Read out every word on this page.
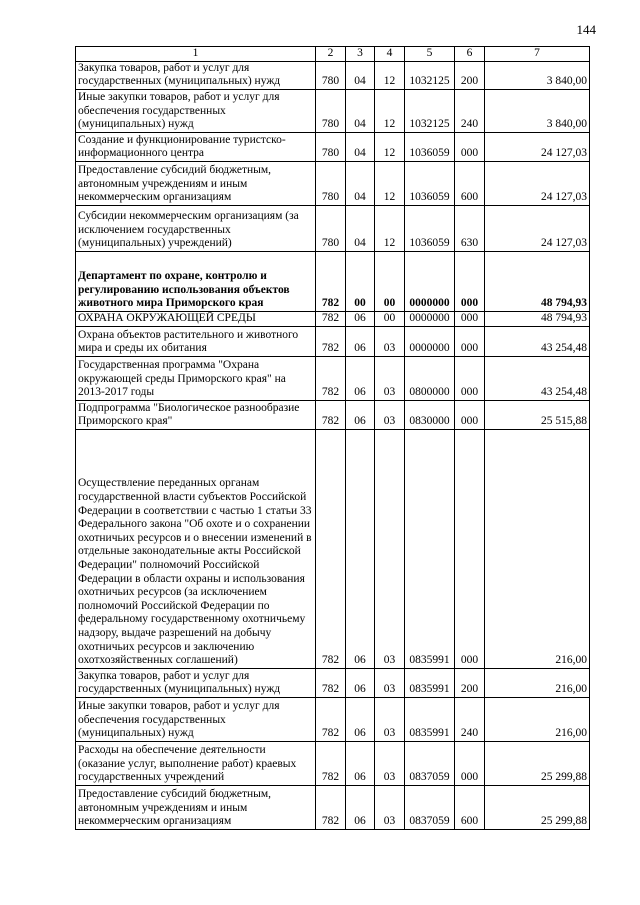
144
1	2	3	4	5	6	7
Закупка товаров, работ и услуг для государственных (муниципальных) нужд	780	04	12	1032125	200	3 840,00
Иные закупки товаров, работ и услуг для обеспечения государственных (муниципальных) нужд	780	04	12	1032125	240	3 840,00
Создание и функционирование туристско-информационного центра	780	04	12	1036059	000	24 127,03
Предоставление субсидий бюджетным, автономным учреждениям и иным некоммерческим организациям	780	04	12	1036059	600	24 127,03
Субсидии некоммерческим организациям (за исключением государственных (муниципальных) учреждений)	780	04	12	1036059	630	24 127,03
Департамент по охране, контролю и регулированию использования объектов животного мира Приморского края	782	00	00	0000000	000	48 794,93
ОХРАНА ОКРУЖАЮЩЕЙ СРЕДЫ	782	06	00	0000000	000	48 794,93
Охрана объектов растительного и животного мира и среды их обитания	782	06	03	0000000	000	43 254,48
Государственная программа "Охрана окружающей среды Приморского края" на 2013-2017 годы	782	06	03	0800000	000	43 254,48
Подпрограмма "Биологическое разнообразие Приморского края"	782	06	03	0830000	000	25 515,88
Осуществление переданных органам государственной власти субъектов Российской Федерации в соответствии с частью 1 статьи 33 Федерального закона "Об охоте и о сохранении охотничьих ресурсов и о внесении изменений в отдельные законодательные акты Российской Федерации" полномочий Российской Федерации в области охраны и использования охотничьих ресурсов (за исключением полномочий Российской Федерации по федеральному государственному охотничьему надзору, выдаче разрешений на добычу охотничьих ресурсов и заключению охотхозяйственных соглашений)	782	06	03	0835991	000	216,00
Закупка товаров, работ и услуг для государственных (муниципальных) нужд	782	06	03	0835991	200	216,00
Иные закупки товаров, работ и услуг для обеспечения государственных (муниципальных) нужд	782	06	03	0835991	240	216,00
Расходы на обеспечение деятельности (оказание услуг, выполнение работ) краевых государственных учреждений	782	06	03	0837059	000	25 299,88
Предоставление субсидий бюджетным, автономным учреждениям и иным некоммерческим организациям	782	06	03	0837059	600	25 299,88
